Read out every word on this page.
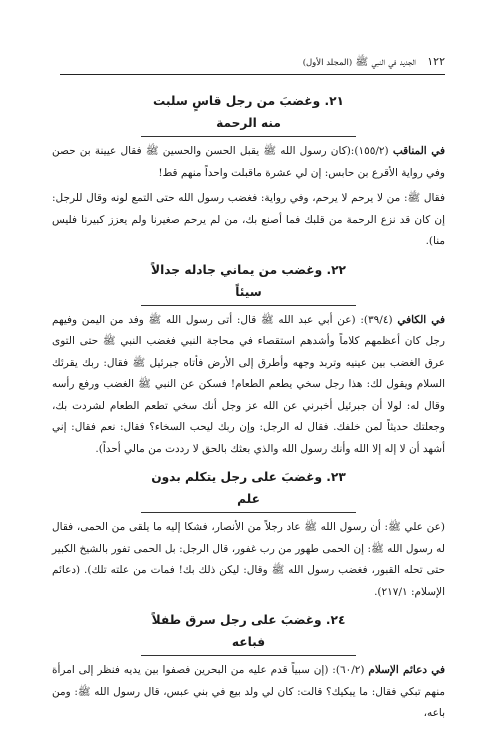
١٢٢ الجديد في النبي ﷺ (المجلد الأول)
٢١. وغضبَ من رجل قاسٍ سلبت منه الرحمة

في المناقب (١٥٥/٢):(كان رسول الله ﷺ يقبل الحسن والحسين ﷺ فقال عيينة بن حصن وفي رواية الأقرع بن حابس: إن لي عشرة ماقبلت واحداً منهم قط!

فقال ﷺ: من لا يرحم لا يرحم، وفي رواية: فغضب رسول الله حتى التمع لونه وقال للرجل: إن كان قد نزع الرحمة من قلبك فما أصنع بك، من لم يرحم صغيرنا ولم يعزز كبيرنا فليس منا).

٢٢. وغضب من يماني جادله جدالاً سيئاً

في الكافي (٣٩/٤): (عن أبي عبد الله ﷺ قال: أتى رسول الله ﷺ وفد من اليمن وفيهم رجل كان أعظمهم كلاماً وأشدهم استقصاء في محاجة النبي فغضب النبي ﷺ حتى التوى عرق الغضب بين عينيه وتربد وجهه وأطرق إلى الأرض فأتاه جبرئيل ﷺ فقال: ربك يقرئك السلام ويقول لك: هذا رجل سخي يطعم الطعام! فسكن عن النبي ﷺ الغضب ورفع رأسه وقال له: لولا أن جبرئيل أخبرني عن الله عز وجل أنك سخي تطعم الطعام لشردت بك، وجعلتك حديثاً لمن خلفك. فقال له الرجل: وإن ربك ليحب السخاء؟ فقال: نعم فقال: إني أشهد أن لا إله إلا الله وأنك رسول الله والذي بعثك بالحق لا رددت من مالي أحداً).

٢٣. وغضبَ على رجل يتكلم بدون علم

(عن علي ﷺ: أن رسول الله ﷺ عاد رجلاً من الأنصار، فشكا إليه ما يلقى من الحمى، فقال له رسول الله ﷺ: إن الحمى طهور من رب غفور، قال الرجل: بل الحمى تفور بالشيخ الكبير حتى تحله القبور، فغضب رسول الله ﷺ وقال: ليكن ذلك بك! فمات من علته تلك). (دعائم الإسلام: ٢١٧/١).

٢٤. وغضبَ على رجل سرق طفلاً فباعه

في دعائم الإسلام (٦٠/٢): (إن سبياً قدم عليه من البحرين فصفوا بين يديه فنظر إلى امرأة منهم تبكي فقال: ما يبكيك؟ قالت: كان لي ولد بيع في بني عبس، قال رسول الله ﷺ: ومن باعه،
